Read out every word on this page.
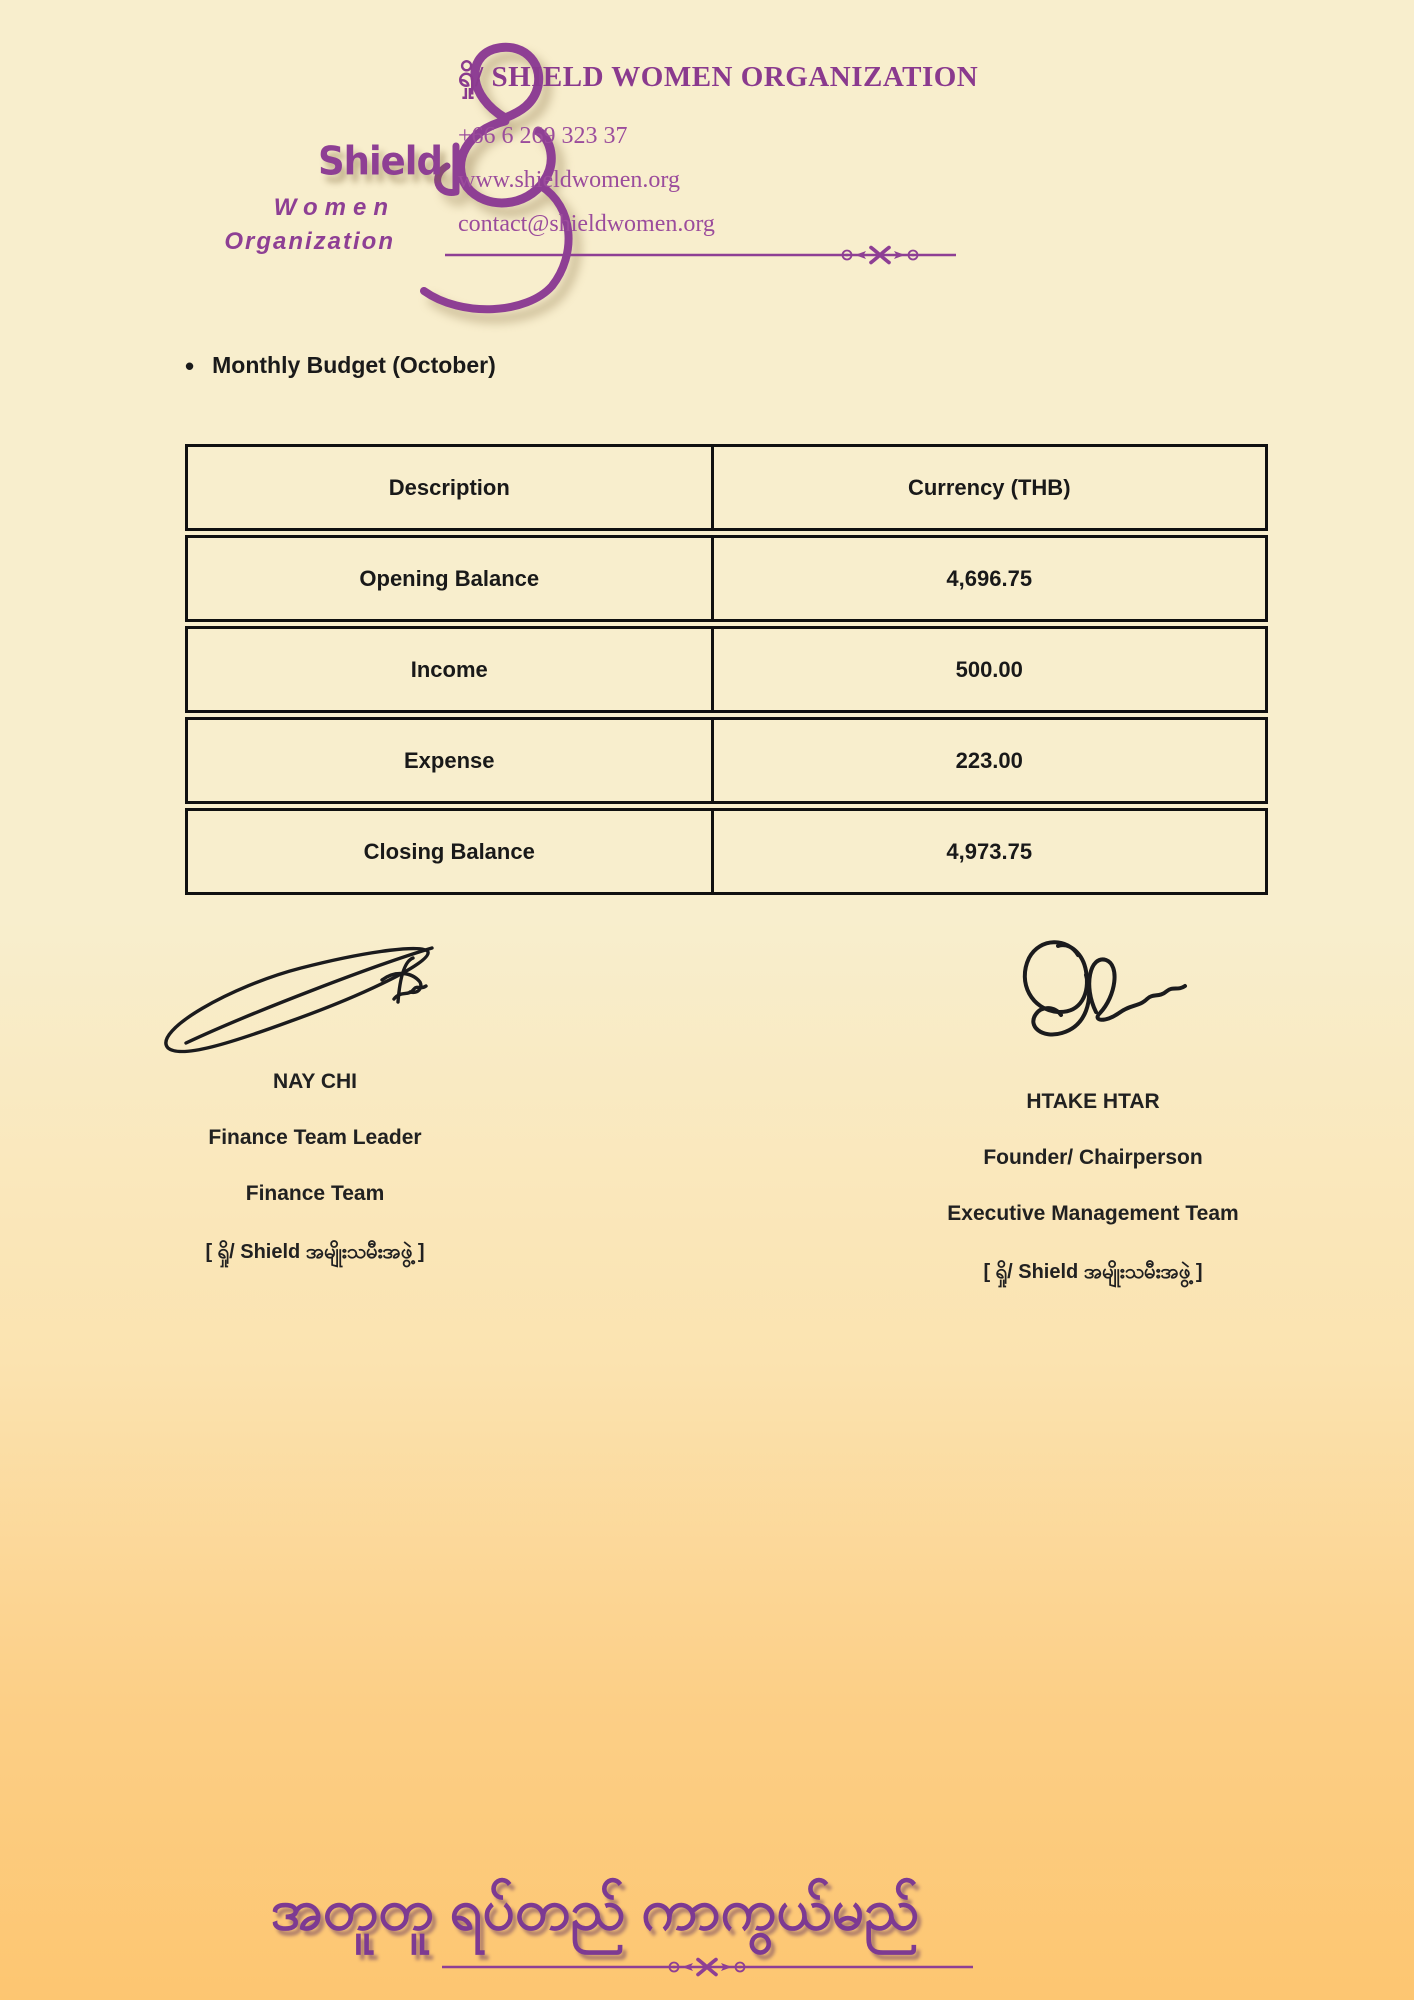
Shield
Women
Organization
ရှို/ SHIELD WOMEN ORGANIZATION
+66 6 269 323 37
www.shieldwomen.org
contact@shieldwomen.org
• Monthly Budget (October)
Description	Currency (THB)
Opening Balance	4,696.75
Income	500.00
Expense	223.00
Closing Balance	4,973.75
NAY CHI
Finance Team Leader
Finance Team
[ ရှို/ Shield အမျိုးသမီးအဖွဲ့ ]
HTAKE HTAR
Founder/ Chairperson
Executive Management Team
[ ရှို/ Shield အမျိုးသမီးအဖွဲ့ ]
အတူတူ ရပ်တည် ကာကွယ်မည်
